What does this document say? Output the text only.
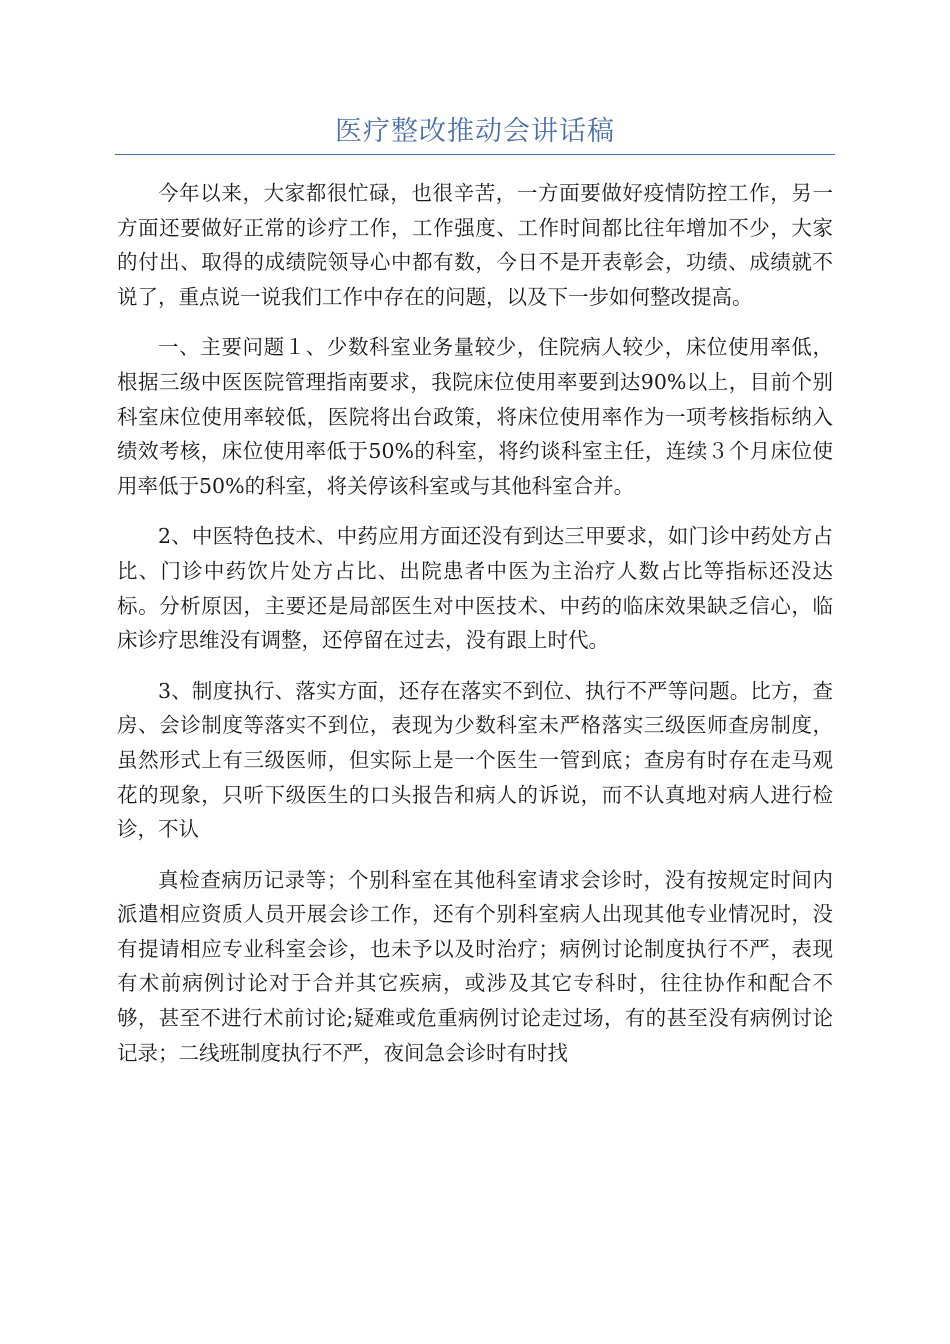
医疗整改推动会讲话稿

今年以来，大家都很忙碌，也很辛苦，一方面要做好疫情防控工作，另一方面还要做好正常的诊疗工作，工作强度、工作时间都比往年增加不少，大家的付出、取得的成绩院领导心中都有数，今日不是开表彰会，功绩、成绩就不说了，重点说一说我们工作中存在的问题，以及下一步如何整改提高。

一、主要问题１、少数科室业务量较少，住院病人较少，床位使用率低，根据三级中医医院管理指南要求，我院床位使用率要到达90%以上，目前个别科室床位使用率较低，医院将出台政策，将床位使用率作为一项考核指标纳入绩效考核，床位使用率低于50%的科室，将约谈科室主任，连续３个月床位使用率低于50%的科室，将关停该科室或与其他科室合并。

2、中医特色技术、中药应用方面还没有到达三甲要求，如门诊中药处方占比、门诊中药饮片处方占比、出院患者中医为主治疗人数占比等指标还没达标。分析原因，主要还是局部医生对中医技术、中药的临床效果缺乏信心，临床诊疗思维没有调整，还停留在过去，没有跟上时代。

3、制度执行、落实方面，还存在落实不到位、执行不严等问题。比方，查房、会诊制度等落实不到位，表现为少数科室未严格落实三级医师查房制度，虽然形式上有三级医师，但实际上是一个医生一管到底；查房有时存在走马观花的现象，只听下级医生的口头报告和病人的诉说，而不认真地对病人进行检诊，不认

真检查病历记录等；个别科室在其他科室请求会诊时，没有按规定时间内派遣相应资质人员开展会诊工作，还有个别科室病人出现其他专业情况时，没有提请相应专业科室会诊，也未予以及时治疗；病例讨论制度执行不严，表现有术前病例讨论对于合并其它疾病，或涉及其它专科时，往往协作和配合不够，甚至不进行术前讨论;疑难或危重病例讨论走过场，有的甚至没有病例讨论记录；二线班制度执行不严，夜间急会诊时有时找
